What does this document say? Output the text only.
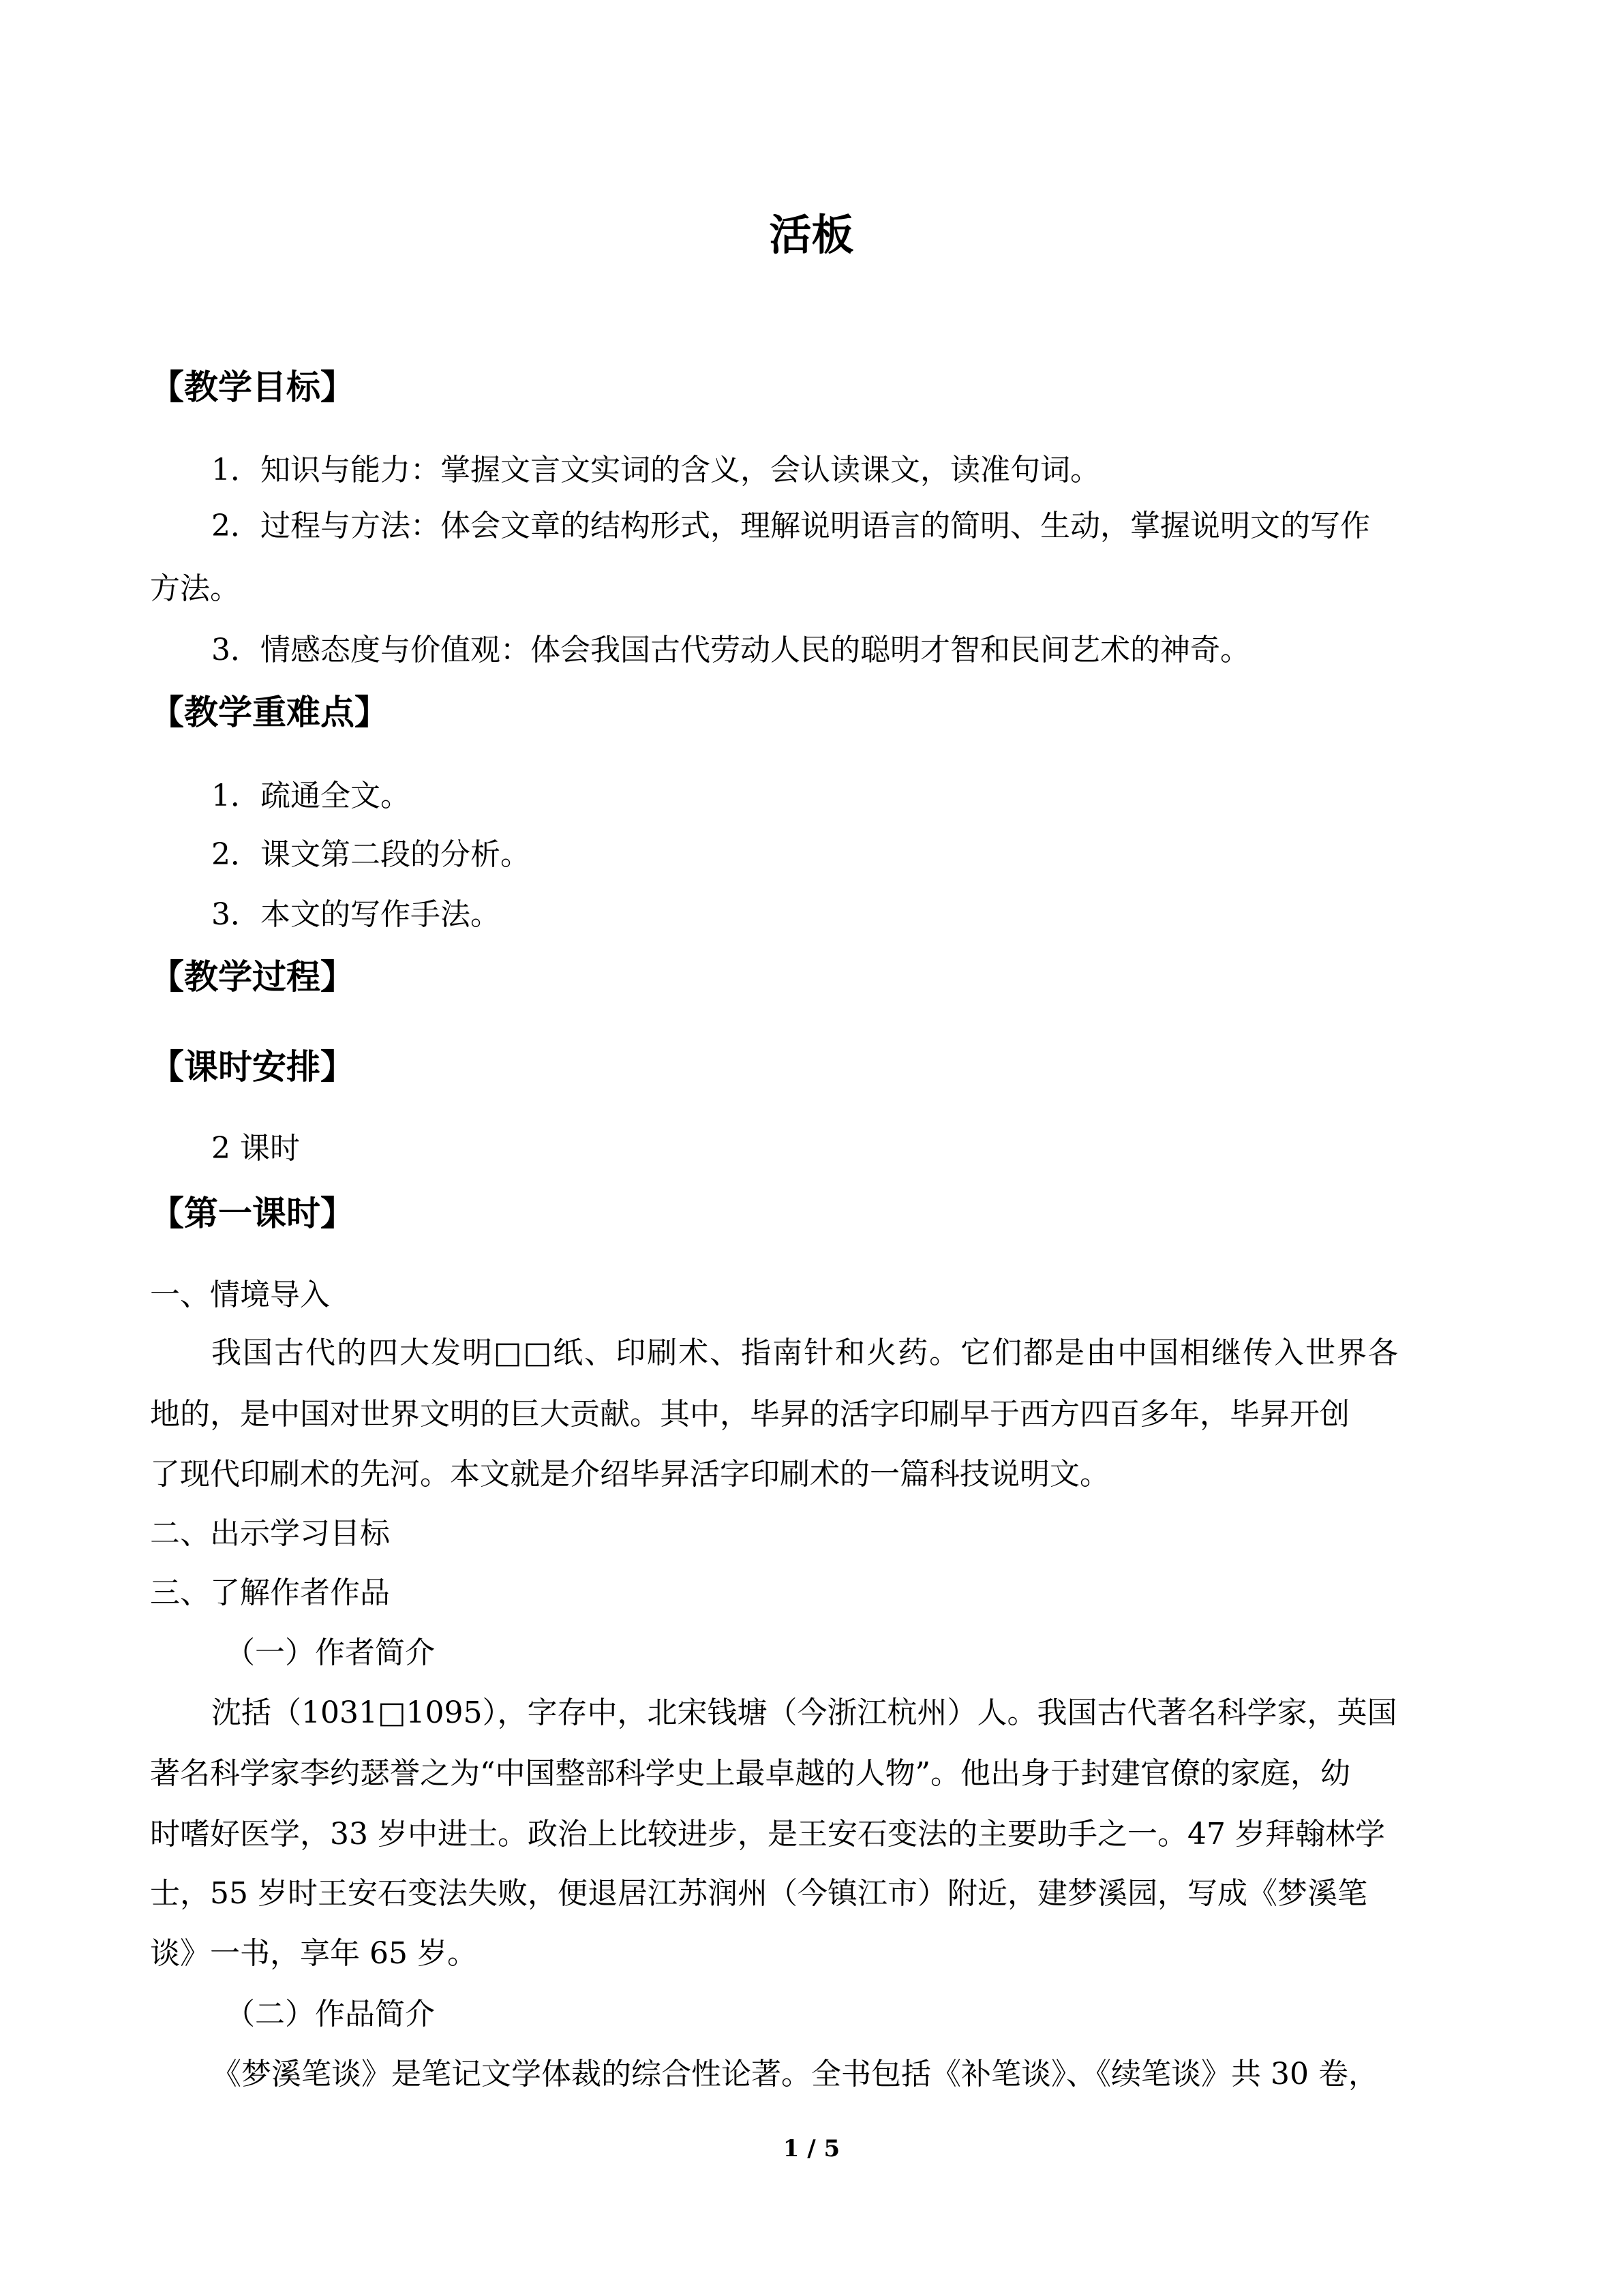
活板
【教学目标】
1．知识与能力：掌握文言文实词的含义，会认读课文，读准句词。
2．过程与方法：体会文章的结构形式，理解说明语言的简明、生动，掌握说明文的写作
方法。
3．情感态度与价值观：体会我国古代劳动人民的聪明才智和民间艺术的神奇。
【教学重难点】
1．疏通全文。
2．课文第二段的分析。
3．本文的写作手法。
【教学过程】
【课时安排】
2 课时
【第一课时】
一、情境导入
我国古代的四大发明□□纸、印刷术、指南针和火药。它们都是由中国相继传入世界各
地的，是中国对世界文明的巨大贡献。其中，毕昇的活字印刷早于西方四百多年，毕昇开创
了现代印刷术的先河。本文就是介绍毕昇活字印刷术的一篇科技说明文。
二、出示学习目标
三、了解作者作品
（一）作者简介
沈括（1031□1095），字存中，北宋钱塘（今浙江杭州）人。我国古代著名科学家，英国
著名科学家李约瑟誉之为“中国整部科学史上最卓越的人物”。他出身于封建官僚的家庭，幼
时嗜好医学，33 岁中进士。政治上比较进步，是王安石变法的主要助手之一。47 岁拜翰林学
士，55 岁时王安石变法失败，便退居江苏润州（今镇江市）附近，建梦溪园，写成《梦溪笔
谈》一书，享年 65 岁。
（二）作品简介
《梦溪笔谈》是笔记文学体裁的综合性论著。全书包括《补笔谈》、《续笔谈》共 30 卷，
1 / 5
